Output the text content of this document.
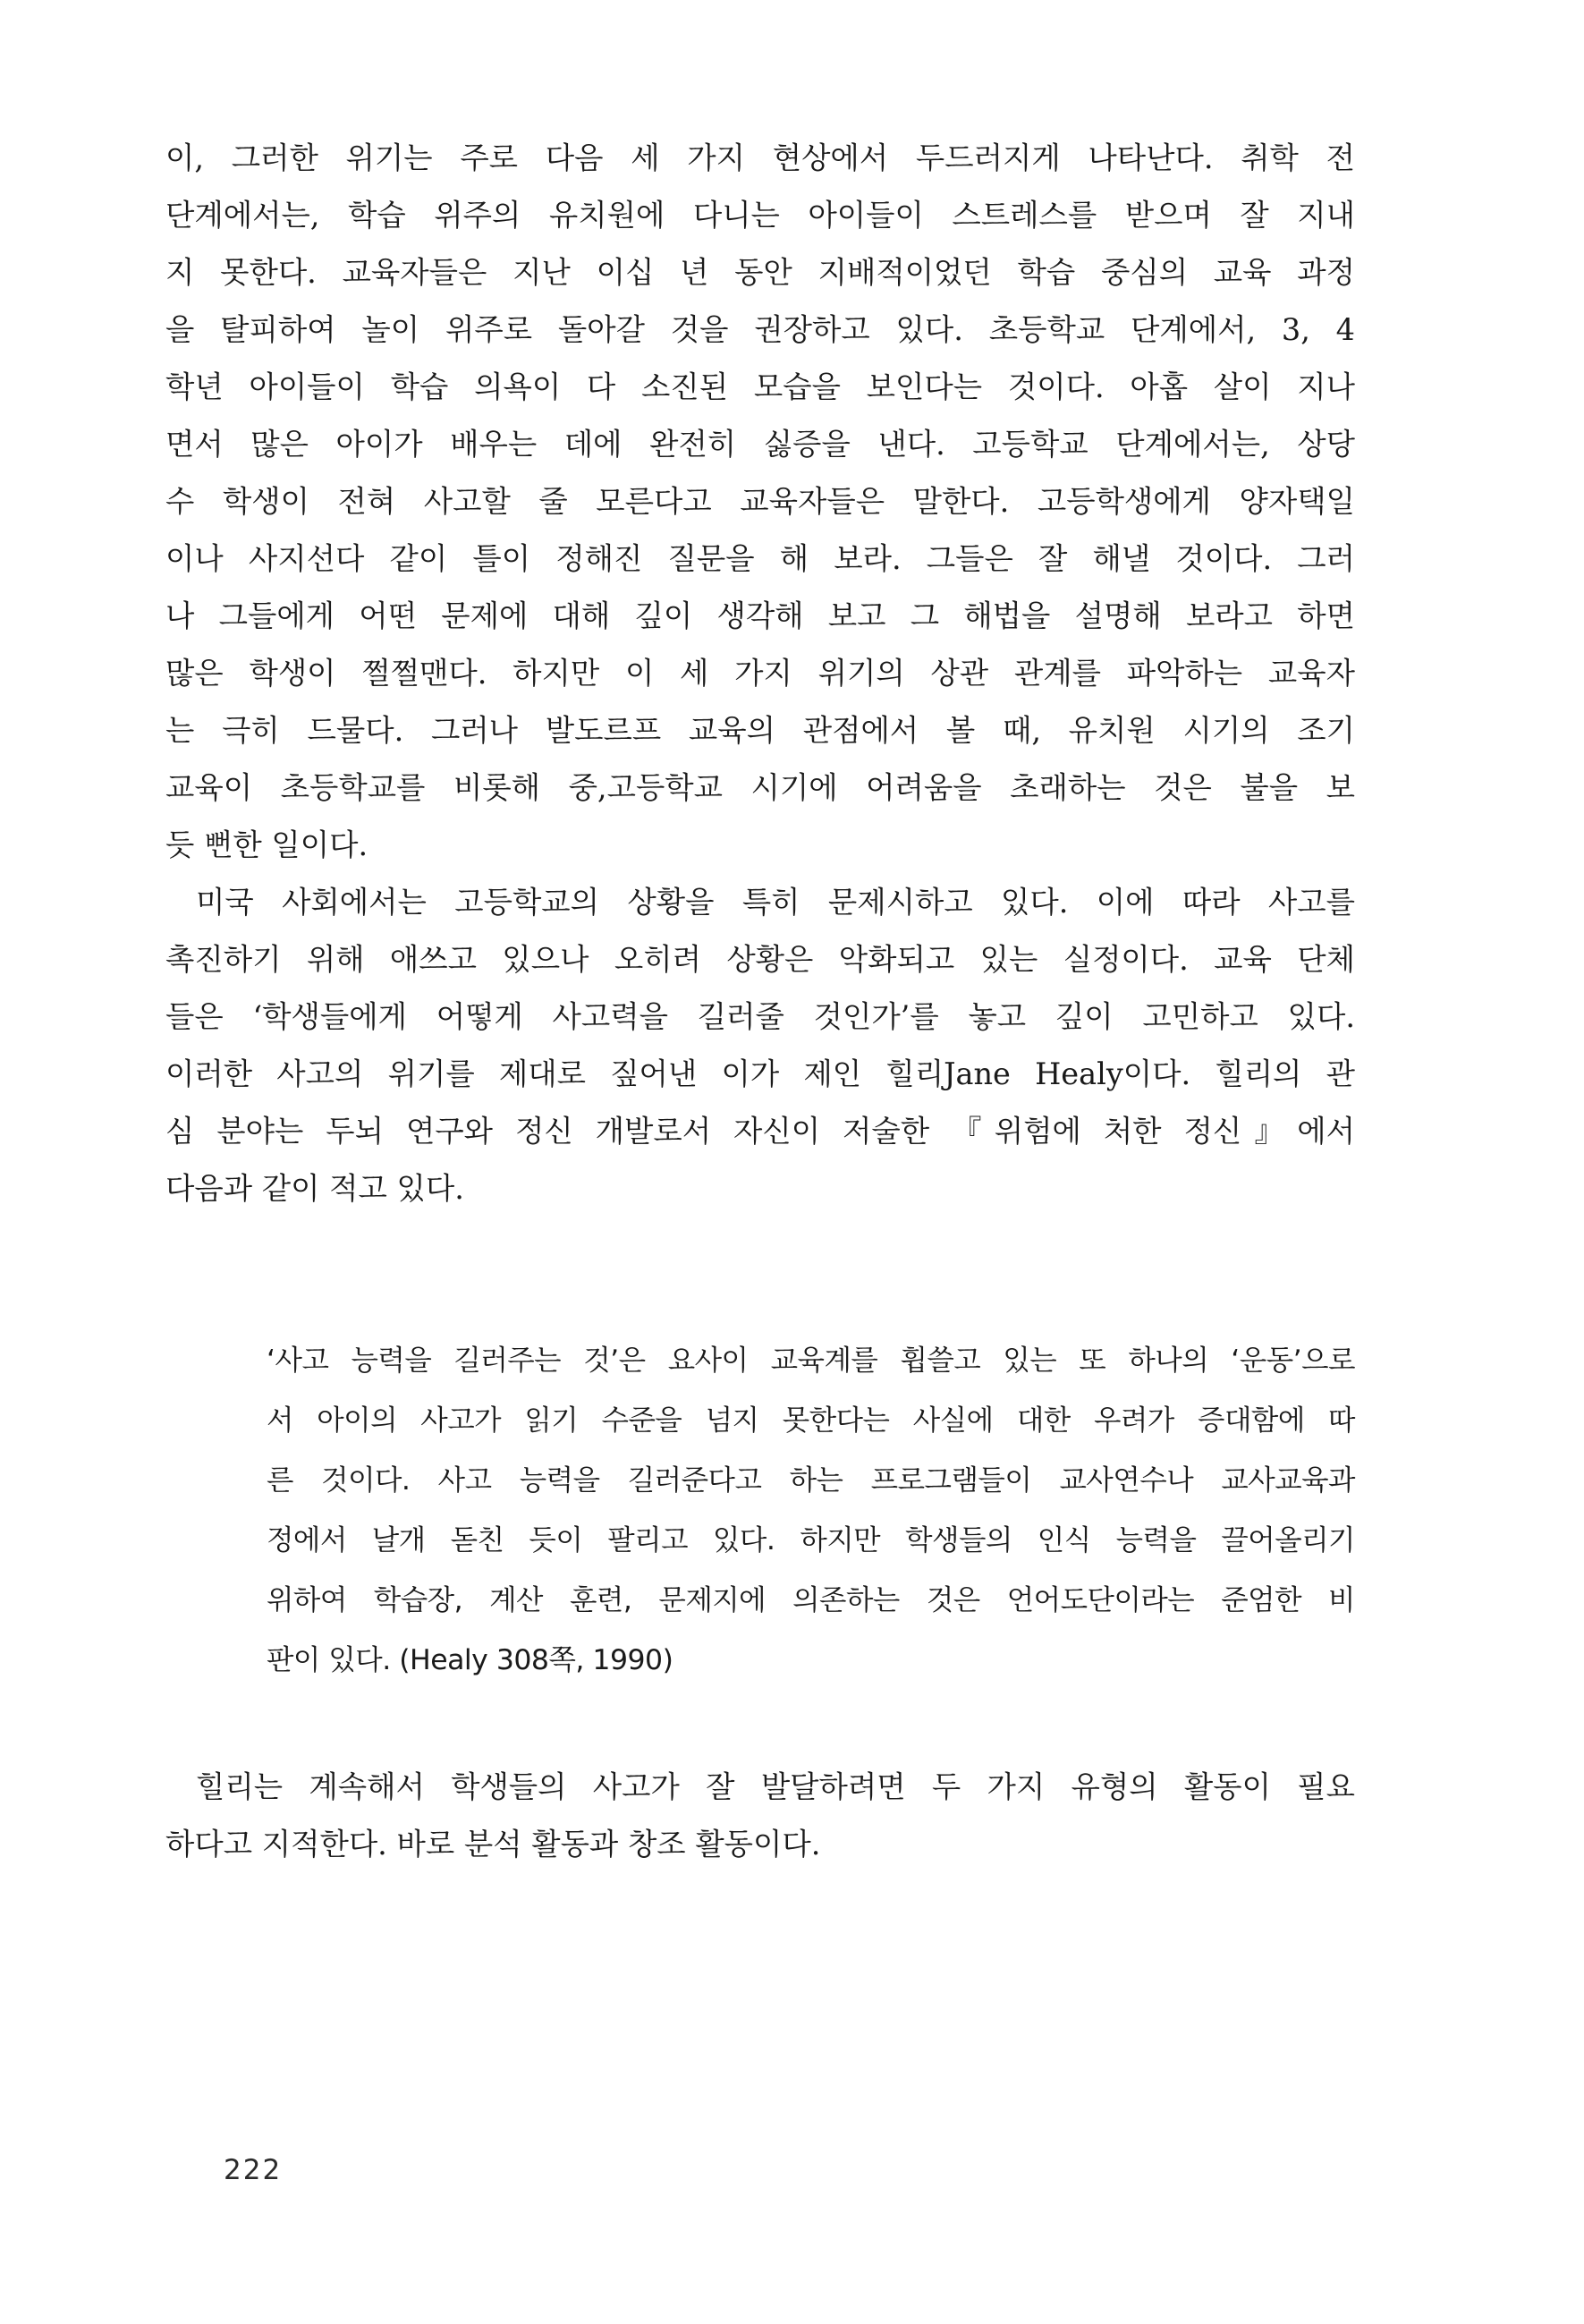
이, 그러한 위기는 주로 다음 세 가지 현상에서 두드러지게 나타난다. 취학 전
단계에서는, 학습 위주의 유치원에 다니는 아이들이 스트레스를 받으며 잘 지내
지 못한다. 교육자들은 지난 이십 년 동안 지배적이었던 학습 중심의 교육 과정
을 탈피하여 놀이 위주로 돌아갈 것을 권장하고 있다. 초등학교 단계에서, 3, 4
학년 아이들이 학습 의욕이 다 소진된 모습을 보인다는 것이다. 아홉 살이 지나
면서 많은 아이가 배우는 데에 완전히 싫증을 낸다. 고등학교 단계에서는, 상당
수 학생이 전혀 사고할 줄 모른다고 교육자들은 말한다. 고등학생에게 양자택일
이나 사지선다 같이 틀이 정해진 질문을 해 보라. 그들은 잘 해낼 것이다. 그러
나 그들에게 어떤 문제에 대해 깊이 생각해 보고 그 해법을 설명해 보라고 하면
많은 학생이 쩔쩔맨다. 하지만 이 세 가지 위기의 상관 관계를 파악하는 교육자
는 극히 드물다. 그러나 발도르프 교육의 관점에서 볼 때, 유치원 시기의 조기
교육이 초등학교를 비롯해 중,고등학교 시기에 어려움을 초래하는 것은 불을 보
듯 뻔한 일이다.
미국 사회에서는 고등학교의 상황을 특히 문제시하고 있다. 이에 따라 사고를
촉진하기 위해 애쓰고 있으나 오히려 상황은 악화되고 있는 실정이다. 교육 단체
들은 ‘학생들에게 어떻게 사고력을 길러줄 것인가’를 놓고 깊이 고민하고 있다.
이러한 사고의 위기를 제대로 짚어낸 이가 제인 힐리Jane Healy이다. 힐리의 관
심 분야는 두뇌 연구와 정신 개발로서 자신이 저술한 『위험에 처한 정신』에서
다음과 같이 적고 있다.
‘사고 능력을 길러주는 것’은 요사이 교육계를 휩쓸고 있는 또 하나의 ‘운동’으로
서 아이의 사고가 읽기 수준을 넘지 못한다는 사실에 대한 우려가 증대함에 따
른 것이다. 사고 능력을 길러준다고 하는 프로그램들이 교사연수나 교사교육과
정에서 날개 돋친 듯이 팔리고 있다. 하지만 학생들의 인식 능력을 끌어올리기
위하여 학습장, 계산 훈련, 문제지에 의존하는 것은 언어도단이라는 준엄한 비
판이 있다. (Healy 308쪽, 1990)
힐리는 계속해서 학생들의 사고가 잘 발달하려면 두 가지 유형의 활동이 필요
하다고 지적한다. 바로 분석 활동과 창조 활동이다.
222
